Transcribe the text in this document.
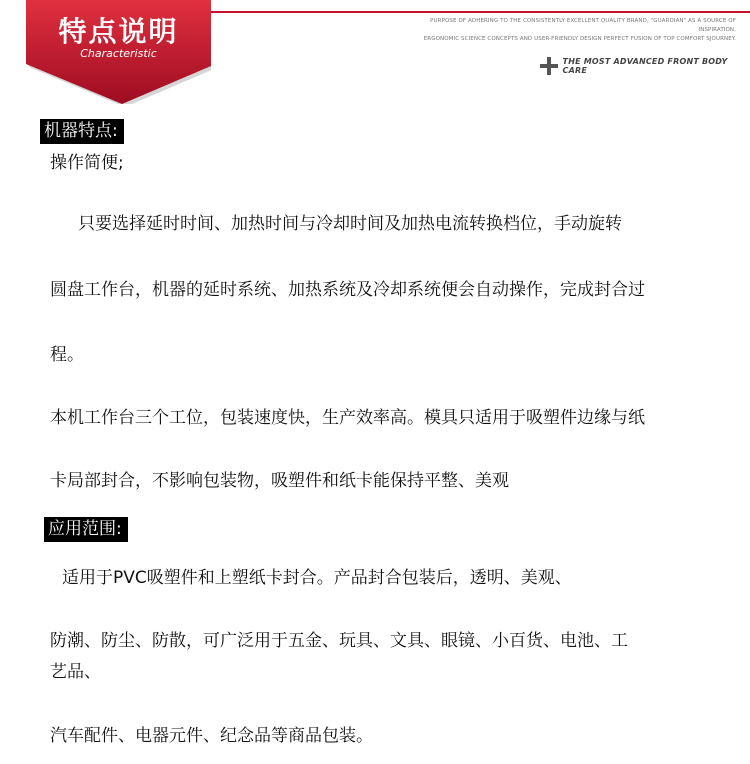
特点说明
Characteristic
PURPOSE OF ADHERING TO THE CONSISTENTLY EXCELLENT QUALITY BRAND, "GUARDIAN" AS A SOURCE OF INSPIRATION,
ERGONOMIC SCIENCE CONCEPTS AND USER-FRIENDLY DESIGN PERFECT FUSION OF TOP COMFORT SJOURNEY.
THE MOST ADVANCED FRONT BODY CARE
机器特点:
操作简便;
只要选择延时时间、加热时间与冷却时间及加热电流转换档位，手动旋转
圆盘工作台，机器的延时系统、加热系统及冷却系统便会自动操作，完成封合过
程。
本机工作台三个工位，包装速度快，生产效率高。模具只适用于吸塑件边缘与纸
卡局部封合，不影响包装物，吸塑件和纸卡能保持平整、美观
应用范围:
适用于PVC吸塑件和上塑纸卡封合。产品封合包装后，透明、美观、
防潮、防尘、防散，可广泛用于五金、玩具、文具、眼镜、小百货、电池、工
艺品、
汽车配件、电器元件、纪念品等商品包装。
